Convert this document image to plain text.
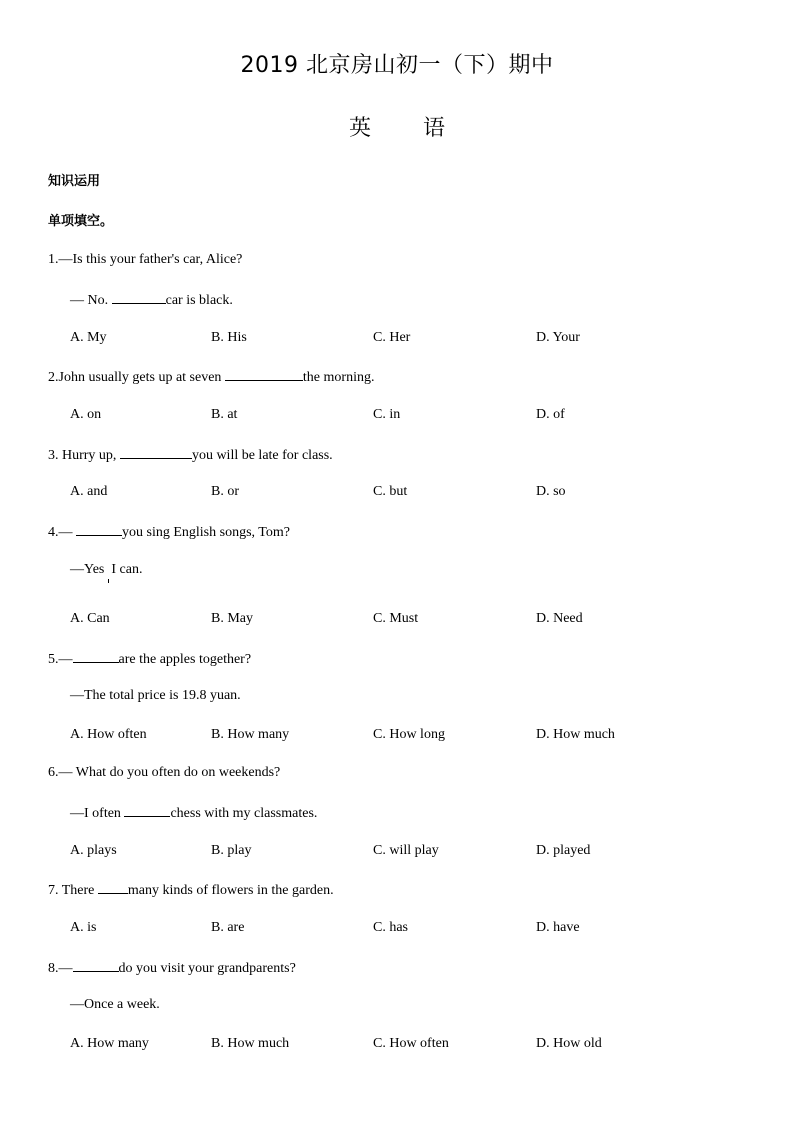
2019 北京房山初一（下）期中
英 语
知识运用
单项填空。
1.—Is this your father's car, Alice?
— No.	car is black.
A. My	B. His	C. Her	D. Your
2.John usually gets up at seven	the morning.
A. on	B. at	C. in	D. of
3. Hurry up,	you will be late for class.
A. and	B. or	C. but	D. so
4.—	you sing English songs, Tom?
—Yes  I can.
A. Can	B. May	C. Must	D. Need
5.—	are the apples together?
—The total price is 19.8 yuan.
A. How often	B. How many	C. How long	D. How much
6.— What do you often do on weekends?
—I often	chess with my classmates.
A. plays	B. play	C. will play	D. played
7. There many kinds of flowers in the garden.
A. is	B. are	C. has	D. have
8.—	do you visit your grandparents?
—Once a week.
A. How many	B. How much	C. How often	D. How old
